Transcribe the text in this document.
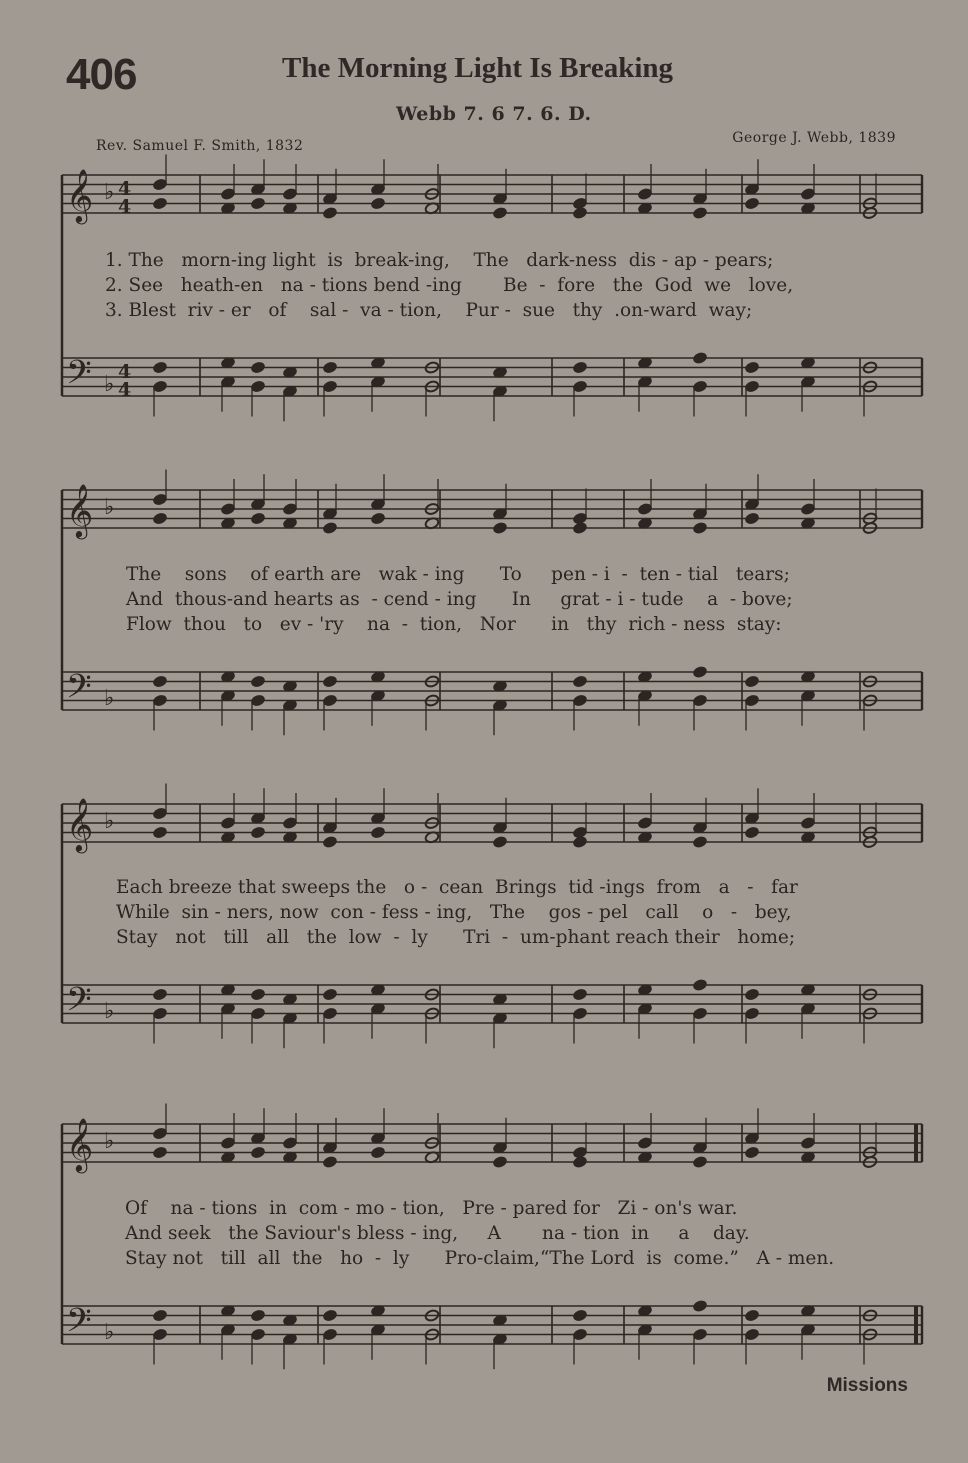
406	The Morning Light Is Breaking
Webb 7. 6 7. 6. D.
Rev. Samuel F. Smith, 1832	George J. Webb, 1839
𝄞
𝄢
♭
♭
4
4
4
4
𝄞
𝄢
♭
♭
𝄞
𝄢
♭
♭
𝄞
𝄢
♭
♭
1. The   morn-ing light  is  break-ing,    The   dark-ness  dis - ap - pears;
2. See   heath-en   na - tions bend -ing       Be  -  fore   the  God  we   love,
3. Blest  riv - er   of    sal -  va - tion,    Pur -  sue   thy  .on-ward  way;
The    sons    of earth are   wak - ing      To     pen - i  -  ten - tial   tears;
And  thous-and hearts as  - cend - ing      In     grat - i - tude    a  - bove;
Flow  thou   to   ev - 'ry    na  -  tion,   Nor      in   thy  rich - ness  stay:
Each breeze that sweeps the   o -  cean  Brings  tid -ings  from   a   -   far
While  sin - ners, now  con - fess - ing,   The    gos - pel   call    o   -   bey,
Stay   not   till   all   the  low  -  ly      Tri  -  um-phant reach their   home;
Of    na - tions  in  com - mo - tion,   Pre - pared for   Zi - on's war.
And seek   the Saviour's bless - ing,     A       na - tion  in     a    day.
Stay not   till  all  the   ho  -  ly      Pro-claim,“The Lord  is  come.”   A - men.
Missions
